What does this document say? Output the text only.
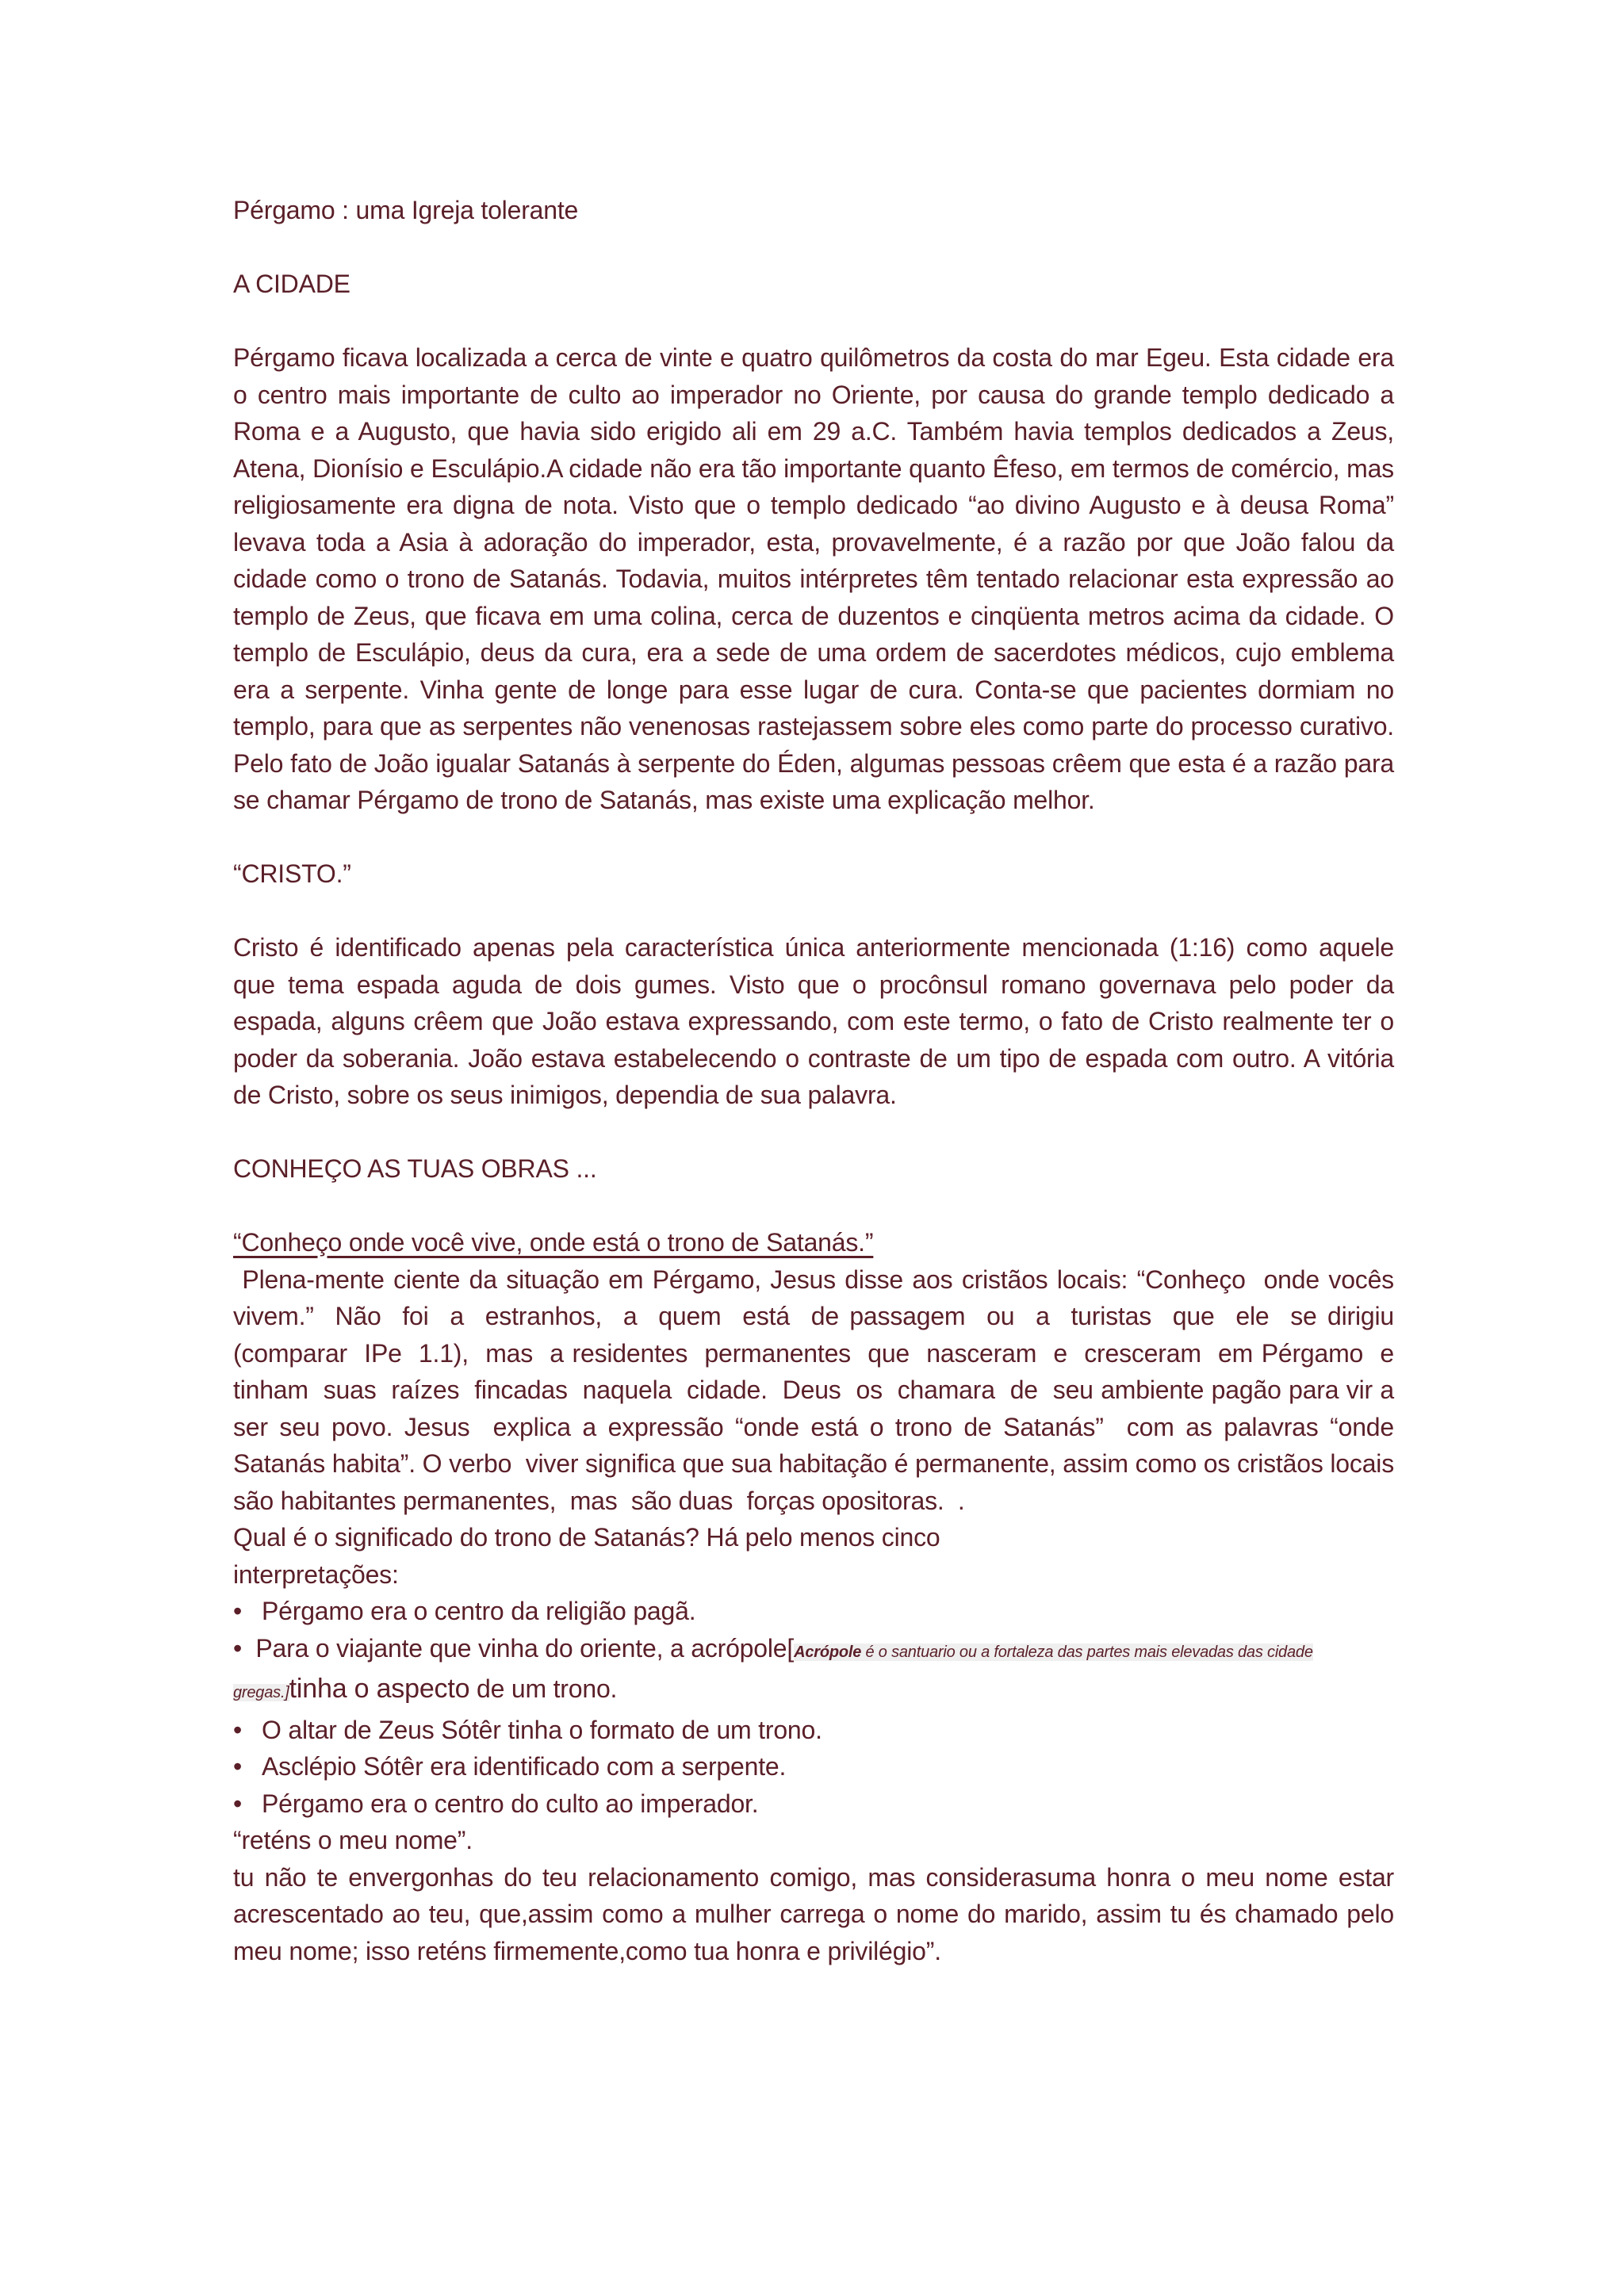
Pérgamo : uma Igreja tolerante
A CIDADE

Pérgamo ficava localizada a cerca de vinte e quatro quilômetros da costa do mar Egeu. Esta cidade era o centro mais importante de culto ao imperador no Oriente, por causa do grande templo dedicado a Roma e a Augusto, que havia sido erigido ali em 29 a.C. Também havia templos dedicados a Zeus, Atena, Dionísio e Esculápio.A cidade não era tão importante quanto Êfeso, em termos de comércio, mas religiosamente era digna de nota. Visto que o templo dedicado “ao divino Augusto e à deusa Roma” levava toda a Asia à adoração do imperador, esta, provavelmente, é a razão por que João falou da cidade como o trono de Satanás. Todavia, muitos intérpretes têm tentado relacionar esta expressão ao templo de Zeus, que ficava em uma colina, cerca de duzentos e cinqüenta metros acima da cidade. O templo de Esculápio, deus da cura, era a sede de uma ordem de sacerdotes médicos, cujo emblema era a serpente. Vinha gente de longe para esse lugar de cura. Conta-se que pacientes dormiam no templo, para que as serpentes não venenosas rastejassem sobre eles como parte do processo curativo. Pelo fato de João igualar Satanás à serpente do Éden, algumas pessoas crêem que esta é a razão para se chamar Pérgamo de trono de Satanás, mas existe uma explicação melhor.

“CRISTO.”

Cristo é identificado apenas pela característica única anteriormente mencionada (1:16) como aquele que tema espada aguda de dois gumes. Visto que o procônsul romano governava pelo poder da espada, alguns crêem que João estava expressando, com este termo, o fato de Cristo realmente ter o poder da soberania. João estava estabelecendo o contraste de um tipo de espada com outro. A vitória de Cristo, sobre os seus inimigos, dependia de sua palavra.

CONHEÇO AS TUAS OBRAS ...
“Conheço onde você vive, onde está o trono de Satanás.”

Plena-mente ciente da situação em Pérgamo, Jesus disse aos cristãos locais: “Conheço  onde vocês  vivem.”  Não  foi  a  estranhos,  a  quem  está  de passagem  ou  a  turistas  que  ele  se dirigiu  (comparar  IPe  1.1),  mas  a residentes  permanentes  que  nasceram  e  cresceram  em Pérgamo  e  tinham  suas  raízes  fincadas  naquela  cidade.  Deus  os  chamara  de  seu ambiente pagão para vir a ser seu povo. Jesus  explica a expressão “onde está o trono de Satanás”  com as palavras “onde Satanás habita”. O verbo  viver significa que sua habitação é permanente, assim como os cristãos locais são habitantes permanentes,  mas  são duas  forças opositoras.  .

Qual é o significado do trono de Satanás? Há pelo menos cinco interpretações:
• Pérgamo era o centro da religião pagã.
• Para o viajante que vinha do oriente, a acrópole[Acrópole é o santuario ou a fortaleza das partes mais elevadas das cidade gregas.]tinha o aspecto de um trono.
• O altar de Zeus Sótêr tinha o formato de um trono.
• Asclépio Sótêr era identificado com a serpente.
• Pérgamo era o centro do culto ao imperador.
“reténs o meu nome”.

tu não te envergonhas do teu relacionamento comigo, mas considerasuma honra o meu nome estar acrescentado ao teu, que,assim como a mulher carrega o nome do marido, assim tu és chamado pelo meu nome; isso reténs firmemente,como tua honra e privilégio”.
